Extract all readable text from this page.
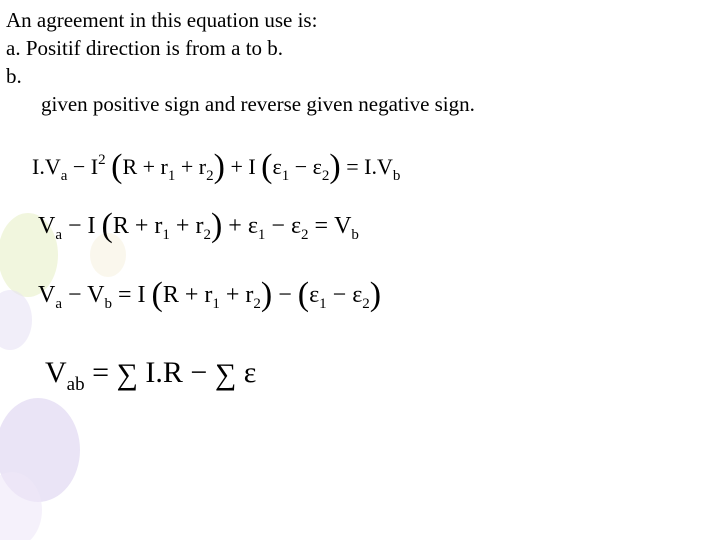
An agreement in this equation use is:
a. Positif direction is from a to b.
b.
given positive sign and reverse given negative sign.
$I.V_a - I^2$ $(R + r_1 + r_2) + I$ $(\varepsilon_1 - \varepsilon_2) = I.V_b$
$V_a - I$ $(R + r_1 + r_2) + \varepsilon_1 - \varepsilon_2 = V_b$
$V_a - V_b = I$ $(R + r_1 + r_2) - (\varepsilon_1 - \varepsilon_2)$
$V_{ab}$ = ∑ I.R − ∑ ε
